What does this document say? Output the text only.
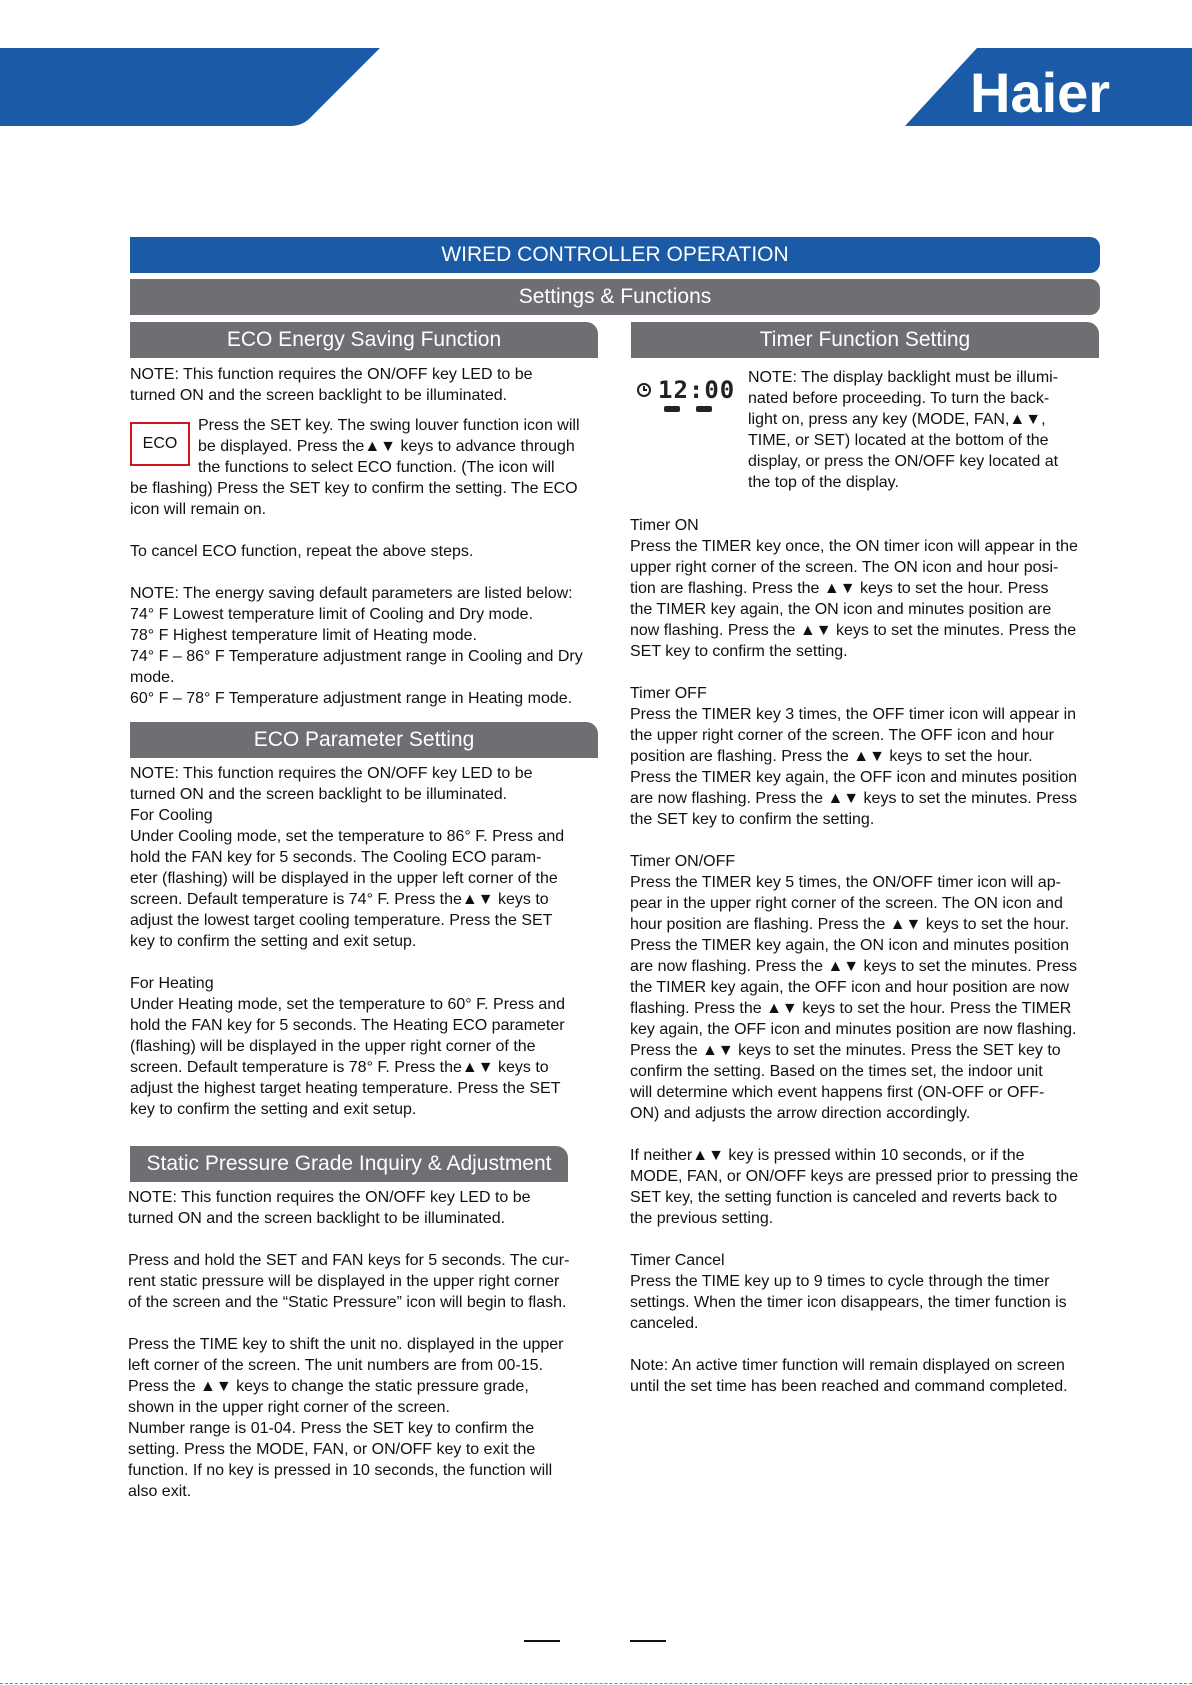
Haier
WIRED CONTROLLER OPERATION
Settings & Functions
ECO Energy Saving Function
NOTE: This function requires the ON/OFF key LED to be
turned ON and the screen backlight to be illuminated.
ECO
Press the SET key. The swing louver function icon will
be displayed. Press the▲▼ keys to advance through
the functions to select ECO function. (The icon will
be flashing) Press the SET key to confirm the setting. The ECO
icon will remain on.

To cancel ECO function, repeat the above steps.

NOTE: The energy saving default parameters are listed below:
74° F Lowest temperature limit of Cooling and Dry mode.
78° F Highest temperature limit of Heating mode.
74° F – 86° F Temperature adjustment range in Cooling and Dry
mode.
60° F – 78° F Temperature adjustment range in Heating mode.
ECO Parameter Setting
NOTE: This function requires the ON/OFF key LED to be
turned ON and the screen backlight to be illuminated.
For Cooling
Under Cooling mode, set the temperature to 86° F. Press and
hold the FAN key for 5 seconds. The Cooling ECO param-
eter (flashing) will be displayed in the upper left corner of the
screen. Default temperature is 74° F. Press the▲▼ keys to
adjust the lowest target cooling temperature. Press the SET
key to confirm the setting and exit setup.

For Heating
Under Heating mode, set the temperature to 60° F. Press and
hold the FAN key for 5 seconds. The Heating ECO parameter
(flashing) will be displayed in the upper right corner of the
screen. Default temperature is 78° F. Press the▲▼ keys to
adjust the highest target heating temperature. Press the SET
key to confirm the setting and exit setup.
Static Pressure Grade Inquiry & Adjustment
NOTE: This function requires the ON/OFF key LED to be
turned ON and the screen backlight to be illuminated.

Press and hold the SET and FAN keys for 5 seconds. The cur-
rent static pressure will be displayed in the upper right corner
of the screen and the “Static Pressure” icon will begin to flash.

Press the TIME key to shift the unit no. displayed in the upper
left corner of the screen. The unit numbers are from 00-15.
Press the ▲▼ keys to change the static pressure grade,
shown in the upper right corner of the screen.
Number range is 01-04. Press the SET key to confirm the
setting. Press the MODE, FAN, or ON/OFF key to exit the
function. If no key is pressed in 10 seconds, the function will
also exit.
Timer Function Setting
12:00 NOTE: The display backlight must be illumi-
nated before proceeding. To turn the back-
light on, press any key (MODE, FAN,▲▼,
TIME, or SET) located at the bottom of the
display, or press the ON/OFF key located at
the top of the display.
Timer ON
Press the TIMER key once, the ON timer icon will appear in the
upper right corner of the screen. The ON icon and hour posi-
tion are flashing. Press the ▲▼ keys to set the hour. Press
the TIMER key again, the ON icon and minutes position are
now flashing. Press the ▲▼ keys to set the minutes. Press the
SET key to confirm the setting.

Timer OFF
Press the TIMER key 3 times, the OFF timer icon will appear in
the upper right corner of the screen. The OFF icon and hour
position are flashing. Press the ▲▼ keys to set the hour.
Press the TIMER key again, the OFF icon and minutes position
are now flashing. Press the ▲▼ keys to set the minutes. Press
the SET key to confirm the setting.

Timer ON/OFF
Press the TIMER key 5 times, the ON/OFF timer icon will ap-
pear in the upper right corner of the screen. The ON icon and
hour position are flashing. Press the ▲▼ keys to set the hour.
Press the TIMER key again, the ON icon and minutes position
are now flashing. Press the ▲▼ keys to set the minutes. Press
the TIMER key again, the OFF icon and hour position are now
flashing. Press the ▲▼ keys to set the hour. Press the TIMER
key again, the OFF icon and minutes position are now flashing.
Press the ▲▼ keys to set the minutes. Press the SET key to
confirm the setting. Based on the times set, the indoor unit
will determine which event happens first (ON-OFF or OFF-
ON) and adjusts the arrow direction accordingly.

If neither▲▼ key is pressed within 10 seconds, or if the
MODE, FAN, or ON/OFF keys are pressed prior to pressing the
SET key, the setting function is canceled and reverts back to
the previous setting.

Timer Cancel
Press the TIME key up to 9 times to cycle through the timer
settings. When the timer icon disappears, the timer function is
canceled.

Note: An active timer function will remain displayed on screen
until the set time has been reached and command completed.
